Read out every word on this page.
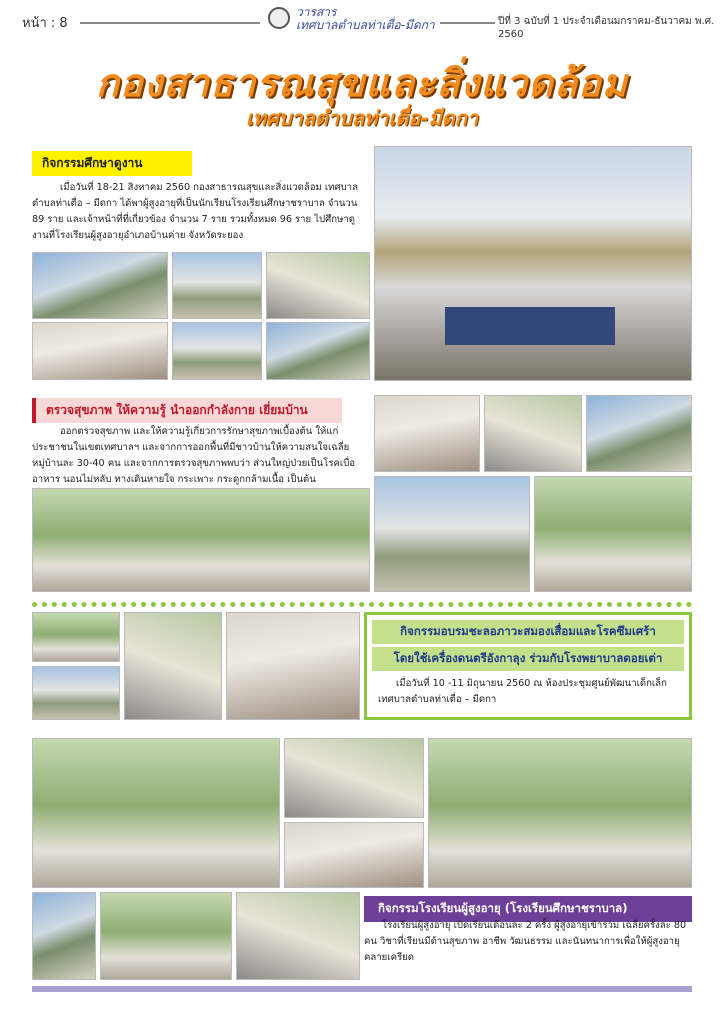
หน้า : 8
วารสาร
เทศบาลตำบลท่าเตื่อ-มีดกา	ปีที่ 3 ฉบับที่ 1 ประจำเดือนมกราคม-ธันวาคม พ.ศ. 2560
กองสาธารณสุขและสิ่งแวดล้อม
เทศบาลตำบลท่าเตื่อ-มีดกา
กิจกรรมศึกษาดูงาน
เมื่อวันที่ 18-21 สิงหาคม 2560 กองสาธารณสุขและสิ่งแวดล้อม เทศบาลตำบลท่าเตื่อ – มีดกา ได้พาผู้สูงอายุที่เป็นนักเรียนโรงเรียนศึกษาชราบาล จำนวน 89 ราย และเจ้าหน้าที่ที่เกี่ยวข้อง จำนวน 7 ราย รวมทั้งหมด 96 ราย ไปศึกษาดูงานที่โรงเรียนผู้สูงอายุอำเภอบ้านค่าย จังหวัดระยอง
ตรวจสุขภาพ ให้ความรู้ นำออกกำลังกาย เยี่ยมบ้าน
ออกตรวจสุขภาพ และให้ความรู้เกี่ยวการรักษาสุขภาพเบื้องต้น ให้แก่ประชาชนในเขตเทศบาลฯ และจากการออกพื้นที่มีชาวบ้านให้ความสนใจเฉลี่ยหมู่บ้านละ 30-40 คน และจากการตรวจสุขภาพพบว่า ส่วนใหญ่ป่วยเป็นโรคเบื่ออาหาร นอนไม่หลับ ทางเดินหายใจ กระเพาะ กระดูกกล้ามเนื้อ เป็นต้น
กิจกรรมอบรมชะลอภาวะสมองเสื่อมและโรคซึมเศร้า
โดยใช้เครื่องดนตรีอังกาลุง ร่วมกับโรงพยาบาลดอยเต่า
เมื่อวันที่ 10 -11 มิถุนายน 2560 ณ ห้องประชุมศูนย์พัฒนาเด็กเล็กเทศบาลตำบลท่าเตื่อ – มีดกา
กิจกรรมโรงเรียนผู้สูงอายุ (โรงเรียนศึกษาชราบาล)
โรงเรียนผู้สูงอายุ เปิดเรียนเดือนละ 2 ครั้ง ผู้สูงอายุเข้าร่วม เฉลี่ยครั้งละ 80 คน วิชาที่เรียนมีด้านสุขภาพ อาชีพ วัฒนธรรม และนันทนาการเพื่อให้ผู้สูงอายุคลายเครียด
